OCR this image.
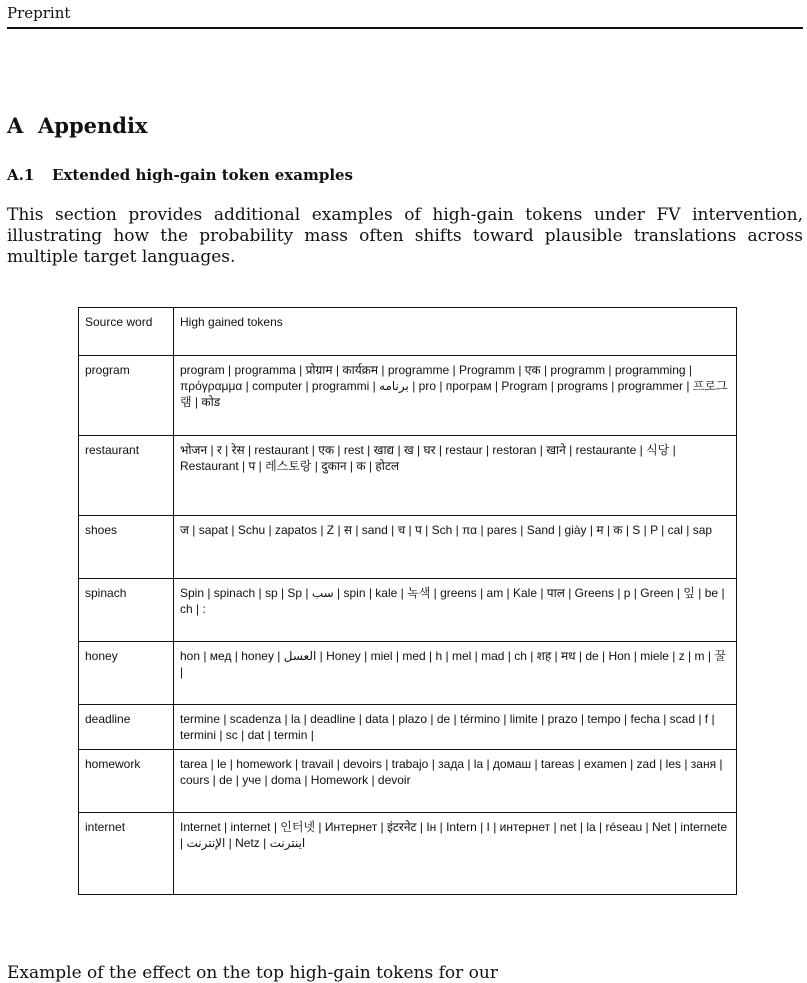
Preprint
A Appendix
A.1 Extended high-gain token examples

This section provides additional examples of high-gain tokens under FV intervention, illustrating how the probability mass often shifts toward plausible translations across multiple target languages.

Source word	High gained tokens
program	program | programma | प्रोग्राम | कार्यक्रम | programme | Programm | एक | programm | programming | πρόγραμμα | computer | programmi | برنامه | pro | програм | Program | programs | programmer | 프로그램 | कोड
restaurant	भोजन | र | रेस | restaurant | एक | rest | खाद्य | ख | घर | restaur | restoran | खाने | restaurante | 식당 | Restaurant | प | 레스토랑 | दुकान | क | होटल
shoes	ज | sapat | Schu | zapatos | Z | स | sand | च | प | Sch | πα | pares | Sand | giày | म | क | S | P | cal | sap
spinach	Spin | spinach | sp | Sp | سب | spin | kale | 녹색 | greens | am | Kale | पाल | Greens | p | Green | 잎 | be | ch | :
honey	hon | мед | honey | العسل | Honey | miel | med | h | mel | mad | ch | शह | मध | de | Hon | miele | z | m | 꿀 |
deadline	termine | scadenza | la | deadline | data | plazo | de | término | limite | prazo | tempo | fecha | scad | f | termini | sc | dat | termin |
homework	tarea | le | homework | travail | devoirs | trabajo | зада | la | домаш | tareas | examen | zad | les | заня | cours | de | уче | doma | Homework | devoir
internet	Internet | internet | 인터넷 | Интернет | इंटरनेट | Ін | Intern | I | интернет | net | la | réseau | Net | internete | الإنترنت | Netz | اینترنت
Example of the effect on the top high-gain tokens for our
